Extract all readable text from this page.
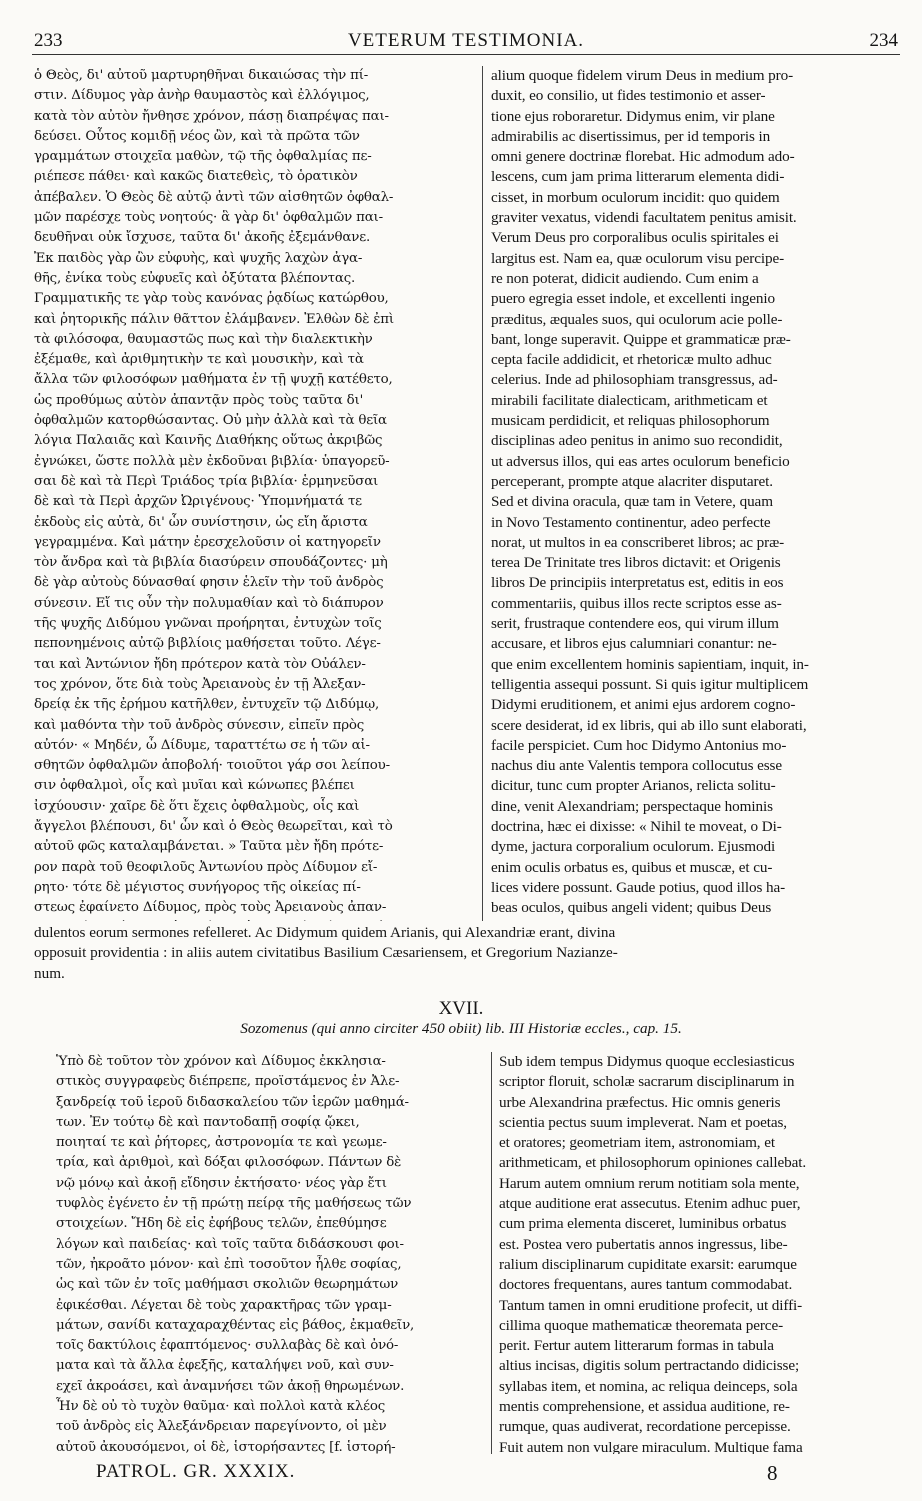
233	VETERUM TESTIMONIA.	234

ὁ Θεὸς, δι' αὐτοῦ μαρτυρηθῆναι δικαιώσας τὴν πί-

στιν. Δίδυμος γὰρ ἀνὴρ θαυμαστὸς καὶ ἐλλόγιμος,

κατὰ τὸν αὐτὸν ἤνθησε χρόνον, πάσῃ διαπρέψας παι-

δεύσει. Οὗτος κομιδῇ νέος ὢν, καὶ τὰ πρῶτα τῶν

γραμμάτων στοιχεῖα μαθὼν, τῷ τῆς ὀφθαλμίας πε-

ριέπεσε πάθει· καὶ κακῶς διατεθεὶς, τὸ ὁρατικὸν

ἀπέβαλεν. Ὁ Θεὸς δὲ αὐτῷ ἀντὶ τῶν αἰσθητῶν ὀφθαλ-

μῶν παρέσχε τοὺς νοητούς· ἃ γὰρ δι' ὀφθαλμῶν παι-

δευθῆναι οὐκ ἴσχυσε, ταῦτα δι' ἀκοῆς ἐξεμάνθανε.

Ἐκ παιδὸς γὰρ ὢν εὐφυὴς, καὶ ψυχῆς λαχὼν ἀγα-

θῆς, ἐνίκα τοὺς εὐφυεῖς καὶ ὀξύτατα βλέποντας.

Γραμματικῆς τε γὰρ τοὺς κανόνας ῥᾳδίως κατώρθου,

καὶ ῥητορικῆς πάλιν θᾶττον ἐλάμβανεν. Ἐλθὼν δὲ ἐπὶ

τὰ φιλόσοφα, θαυμαστῶς πως καὶ τὴν διαλεκτικὴν

ἐξέμαθε, καὶ ἀριθμητικὴν τε καὶ μουσικὴν, καὶ τὰ

ἄλλα τῶν φιλοσόφων μαθήματα ἐν τῇ ψυχῇ κατέθετο,

ὡς προθύμως αὐτὸν ἀπαντᾷν πρὸς τοὺς ταῦτα δι'

ὀφθαλμῶν κατορθώσαντας. Οὐ μὴν ἀλλὰ καὶ τὰ θεῖα

λόγια Παλαιᾶς καὶ Καινῆς Διαθήκης οὕτως ἀκριβῶς

ἐγνώκει, ὥστε πολλὰ μὲν ἐκδοῦναι βιβλία· ὑπαγορεῦ-

σαι δὲ καὶ τὰ Περὶ Τριάδος τρία βιβλία· ἑρμηνεῦσαι

δὲ καὶ τὰ Περὶ ἀρχῶν Ὠριγένους· Ὑπομνήματά τε

ἐκδοὺς εἰς αὐτὰ, δι' ὧν συνίστησιν, ὡς εἴη ἄριστα

γεγραμμένα. Καὶ μάτην ἐρεσχελοῦσιν οἱ κατηγορεῖν

τὸν ἄνδρα καὶ τὰ βιβλία διασύρειν σπουδάζοντες· μὴ

δὲ γὰρ αὐτοὺς δύνασθαί φησιν ἑλεῖν τὴν τοῦ ἀνδρὸς

σύνεσιν. Εἴ τις οὖν τὴν πολυμαθίαν καὶ τὸ διάπυρον

τῆς ψυχῆς Διδύμου γνῶναι προήρηται, ἐντυχὼν τοῖς

πεπονημένοις αὐτῷ βιβλίοις μαθήσεται τοῦτο. Λέγε-

ται καὶ Ἀντώνιον ἤδη πρότερον κατὰ τὸν Οὐάλεν-

τος χρόνον, ὅτε διὰ τοὺς Ἀρειανοὺς ἐν τῇ Ἀλεξαν-

δρείᾳ ἐκ τῆς ἐρήμου κατῆλθεν, ἐντυχεῖν τῷ Διδύμῳ,

καὶ μαθόντα τὴν τοῦ ἀνδρὸς σύνεσιν, εἰπεῖν πρὸς

αὐτόν· « Μηδέν, ὦ Δίδυμε, ταραττέτω σε ἡ τῶν αἰ-

σθητῶν ὀφθαλμῶν ἀποβολή· τοιοῦτοι γάρ σοι λείπου-

σιν ὀφθαλμοὶ, οἷς καὶ μυῖαι καὶ κώνωπες βλέπει

ἰσχύουσιν· χαῖρε δὲ ὅτι ἔχεις ὀφθαλμοὺς, οἷς καὶ

ἄγγελοι βλέπουσι, δι' ὧν καὶ ὁ Θεὸς θεωρεῖται, καὶ τὸ

αὐτοῦ φῶς καταλαμβάνεται. » Ταῦτα μὲν ἤδη πρότε-

ρον παρὰ τοῦ θεοφιλοῦς Ἀντωνίου πρὸς Δίδυμον εἴ-

ρητο· τότε δὲ μέγιστος συνήγορος τῆς οἰκείας πί-

στεως ἐφαίνετο Δίδυμος, πρὸς τοὺς Ἀρειανοὺς ἀπαν-

alium quoque fidelem virum Deus in medium pro-

duxit, eo consilio, ut fides testimonio et asser-

tione ejus roboraretur. Didymus enim, vir plane

admirabilis ac disertissimus, per id temporis in

omni genere doctrinæ florebat. Hic admodum ado-

lescens, cum jam prima litterarum elementa didi-

cisset, in morbum oculorum incidit: quo quidem

graviter vexatus, videndi facultatem penitus amisit.

Verum Deus pro corporalibus oculis spiritales ei

largitus est. Nam ea, quæ oculorum visu percipe-

re non poterat, didicit audiendo. Cum enim a

puero egregia esset indole, et excellenti ingenio

præditus, æquales suos, qui oculorum acie polle-

bant, longe superavit. Quippe et grammaticæ præ-

cepta facile addidicit, et rhetoricæ multo adhuc

celerius. Inde ad philosophiam transgressus, ad-

mirabili facilitate dialecticam, arithmeticam et

musicam perdidicit, et reliquas philosophorum

disciplinas adeo penitus in animo suo recondidit,

ut adversus illos, qui eas artes oculorum beneficio

perceperant, prompte atque alacriter disputaret.

Sed et divina oracula, quæ tam in Vetere, quam

in Novo Testamento continentur, adeo perfecte

norat, ut multos in ea conscriberet libros; ac præ-

terea De Trinitate tres libros dictavit: et Origenis

libros De principiis interpretatus est, editis in eos

commentariis, quibus illos recte scriptos esse as-

serit, frustraque contendere eos, qui virum illum

accusare, et libros ejus calumniari conantur: ne-

que enim excellentem hominis sapientiam, inquit, in-

telligentia assequi possunt. Si quis igitur multiplicem

Didymi eruditionem, et animi ejus ardorem cogno-

scere desiderat, id ex libris, qui ab illo sunt elaborati,

facile perspiciet. Cum hoc Didymo Antonius mo-

nachus diu ante Valentis tempora collocutus esse

dicitur, tunc cum propter Arianos, relicta solitu-

dine, venit Alexandriam; perspectaque hominis

doctrina, hæc ei dixisse: « Nihil te moveat, o Di-

dyme, jactura corporalium oculorum. Ejusmodi

enim oculis orbatus es, quibus et muscæ, et cu-

lices videre possunt. Gaude potius, quod illos ha-

beas oculos, quibus angeli vident; quibus Deus

dulentos eorum sermones refelleret. Ac Didymum quidem Arianis, qui Alexandriæ erant, divina

opposuit providentia : in aliis autem civitatibus Basilium Cæsariensem, et Gregorium Nazianze-

num.

XVII.
Sozomenus (qui anno circiter 450 obiit) lib. III Historiæ eccles., cap. 15.

Ὑπὸ δὲ τοῦτον τὸν χρόνον καὶ Δίδυμος ἐκκλησια-

στικὸς συγγραφεὺς διέπρεπε, προϊστάμενος ἐν Ἀλε-

ξανδρείᾳ τοῦ ἱεροῦ διδασκαλείου τῶν ἱερῶν μαθημά-

των. Ἐν τούτῳ δὲ καὶ παντοδαπῇ σοφίᾳ ᾤκει,

ποιηταί τε καὶ ῥήτορες, ἀστρονομία τε καὶ γεωμε-

τρία, καὶ ἀριθμοὶ, καὶ δόξαι φιλοσόφων. Πάντων δὲ

νῷ μόνῳ καὶ ἀκοῇ εἴδησιν ἐκτήσατο· νέος γὰρ ἔτι

τυφλὸς ἐγένετο ἐν τῇ πρώτῃ πείρᾳ τῆς μαθήσεως τῶν

στοιχείων. Ἤδη δὲ εἰς ἐφήβους τελῶν, ἐπεθύμησε

λόγων καὶ παιδείας· καὶ τοῖς ταῦτα διδάσκουσι φοι-

τῶν, ἠκροᾶτο μόνον· καὶ ἐπὶ τοσοῦτον ἦλθε σοφίας,

ὡς καὶ τῶν ἐν τοῖς μαθήμασι σκολιῶν θεωρημάτων

ἐφικέσθαι. Λέγεται δὲ τοὺς χαρακτῆρας τῶν γραμ-

μάτων, σανίδι καταχαραχθέντας εἰς βάθος, ἐκμαθεῖν,

τοῖς δακτύλοις ἐφαπτόμενος· συλλαβὰς δὲ καὶ ὀνό-

ματα καὶ τὰ ἄλλα ἐφεξῆς, καταλήψει νοῦ, καὶ συν-

εχεῖ ἀκροάσει, καὶ ἀναμνήσει τῶν ἀκοῇ θηρωμένων.

Ἦν δὲ οὐ τὸ τυχὸν θαῦμα· καὶ πολλοὶ κατὰ κλέος

τοῦ ἀνδρὸς εἰς Ἀλεξάνδρειαν παρεγίνοντο, οἱ μὲν

αὐτοῦ ἀκουσόμενοι, οἱ δὲ, ἱστορήσαντες [f. ἱστορή-

Sub idem tempus Didymus quoque ecclesiasticus

scriptor floruit, scholæ sacrarum disciplinarum in

urbe Alexandrina præfectus. Hic omnis generis

scientia pectus suum impleverat. Nam et poetas,

et oratores; geometriam item, astronomiam, et

arithmeticam, et philosophorum opiniones callebat.

Harum autem omnium rerum notitiam sola mente,

atque auditione erat assecutus. Etenim adhuc puer,

cum prima elementa disceret, luminibus orbatus

est. Postea vero pubertatis annos ingressus, libe-

ralium disciplinarum cupiditate exarsit: earumque

doctores frequentans, aures tantum commodabat.

Tantum tamen in omni eruditione profecit, ut diffi-

cillima quoque mathematicæ theoremata perce-

perit. Fertur autem litterarum formas in tabula

altius incisas, digitis solum pertractando didicisse;

syllabas item, et nomina, ac reliqua deinceps, sola

mentis comprehensione, et assidua auditione, re-

rumque, quas audiverat, recordatione percepisse.

Fuit autem non vulgare miraculum. Multique fama

PATROL. GR. XXXIX.	8
